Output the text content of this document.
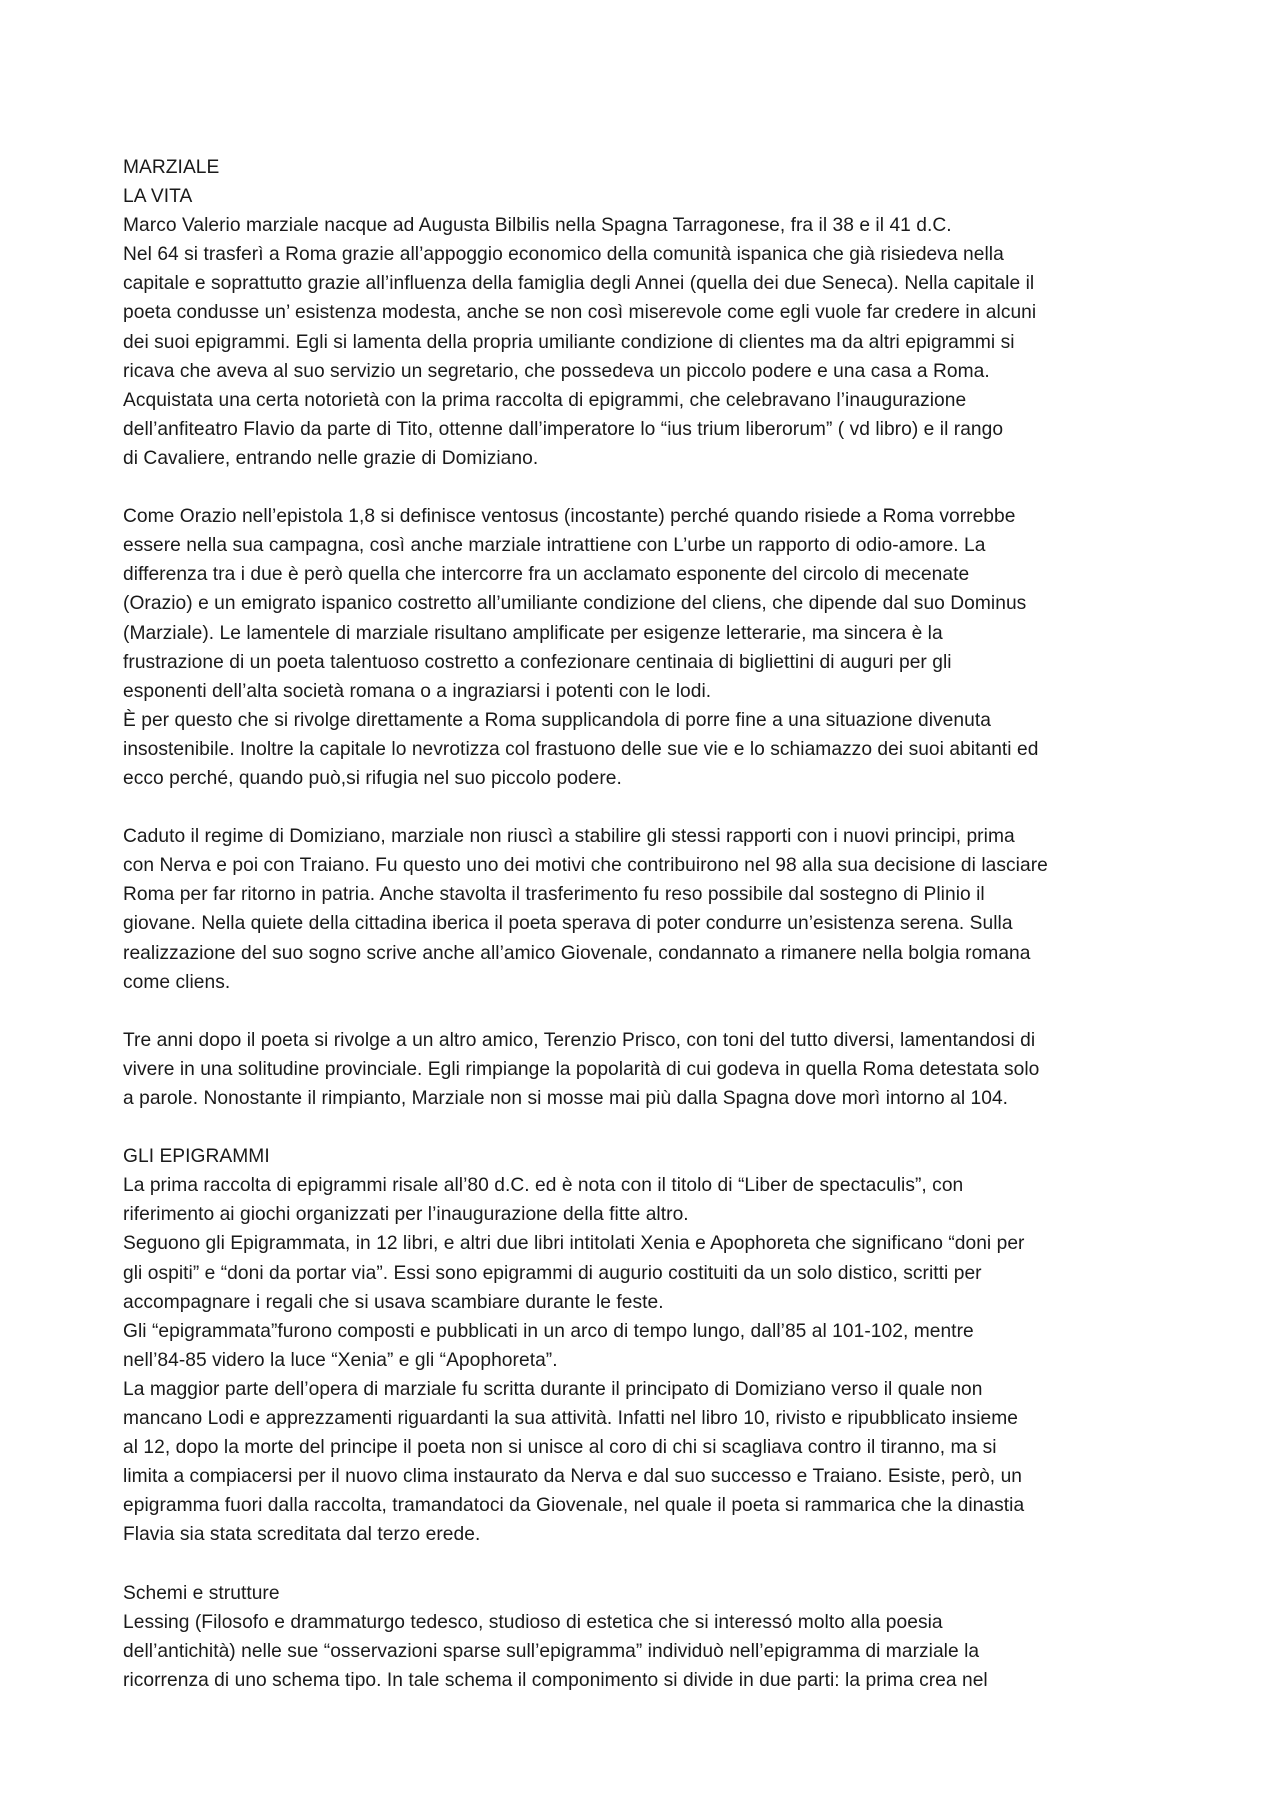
MARZIALE
LA VITA
Marco Valerio marziale nacque ad Augusta Bilbilis nella Spagna Tarragonese, fra il 38 e il 41 d.C.
Nel 64 si trasferì a Roma grazie all’appoggio economico della comunità ispanica che già risiedeva nella
capitale e soprattutto grazie all’influenza della famiglia degli Annei (quella dei due Seneca). Nella capitale il
poeta condusse un’ esistenza modesta, anche se non così miserevole come egli vuole far credere in alcuni
dei suoi epigrammi. Egli si lamenta della propria umiliante condizione di clientes ma da altri epigrammi si
ricava che aveva al suo servizio un segretario, che possedeva un piccolo podere e una casa a Roma.
Acquistata una certa notorietà con la prima raccolta di epigrammi, che celebravano l’inaugurazione
dell’anfiteatro Flavio da parte di Tito, ottenne dall’imperatore lo “ius trium liberorum” ( vd libro) e il rango
di Cavaliere, entrando nelle grazie di Domiziano.
Come Orazio nell’epistola 1,8 si definisce ventosus (incostante) perché quando risiede a Roma vorrebbe
essere nella sua campagna, così anche marziale intrattiene con L’urbe un rapporto di odio-amore. La
differenza tra i due è però quella che intercorre fra un acclamato esponente del circolo di mecenate
(Orazio) e un emigrato ispanico costretto all’umiliante condizione del cliens, che dipende dal suo Dominus
(Marziale). Le lamentele di marziale risultano amplificate per esigenze letterarie, ma sincera è la
frustrazione di un poeta talentuoso costretto a confezionare centinaia di bigliettini di auguri per gli
esponenti dell’alta società romana o a ingraziarsi i potenti con le lodi.
È per questo che si rivolge direttamente a Roma supplicandola di porre fine a una situazione divenuta
insostenibile. Inoltre la capitale lo nevrotizza col frastuono delle sue vie e lo schiamazzo dei suoi abitanti ed
ecco perché, quando può,si rifugia nel suo piccolo podere.
Caduto il regime di Domiziano, marziale non riuscì a stabilire gli stessi rapporti con i nuovi principi, prima
con Nerva e poi con Traiano. Fu questo uno dei motivi che contribuirono nel 98 alla sua decisione di lasciare
Roma per far ritorno in patria. Anche stavolta il trasferimento fu reso possibile dal sostegno di Plinio il
giovane. Nella quiete della cittadina iberica il poeta sperava di poter condurre un’esistenza serena. Sulla
realizzazione del suo sogno scrive anche all’amico Giovenale, condannato a rimanere nella bolgia romana
come cliens.
Tre anni dopo il poeta si rivolge a un altro amico, Terenzio Prisco, con toni del tutto diversi, lamentandosi di
vivere in una solitudine provinciale. Egli rimpiange la popolarità di cui godeva in quella Roma detestata solo
a parole. Nonostante il rimpianto, Marziale non si mosse mai più dalla Spagna dove morì intorno al 104.
GLI EPIGRAMMI
La prima raccolta di epigrammi risale all’80 d.C. ed è nota con il titolo di “Liber de spectaculis”, con
riferimento ai giochi organizzati per l’inaugurazione della fitte altro.
Seguono gli Epigrammata, in 12 libri, e altri due libri intitolati Xenia e Apophoreta che significano “doni per
gli ospiti” e “doni da portar via”. Essi sono epigrammi di augurio costituiti da un solo distico, scritti per
accompagnare i regali che si usava scambiare durante le feste.
Gli “epigrammata”furono composti e pubblicati in un arco di tempo lungo, dall’85 al 101-102, mentre
nell’84-85 videro la luce “Xenia” e gli “Apophoreta”.
La maggior parte dell’opera di marziale fu scritta durante il principato di Domiziano verso il quale non
mancano Lodi e apprezzamenti riguardanti la sua attività. Infatti nel libro 10, rivisto e ripubblicato insieme
al 12, dopo la morte del principe il poeta non si unisce al coro di chi si scagliava contro il tiranno, ma si
limita a compiacersi per il nuovo clima instaurato da Nerva e dal suo successo e Traiano. Esiste, però, un
epigramma fuori dalla raccolta, tramandatoci da Giovenale, nel quale il poeta si rammarica che la dinastia
Flavia sia stata screditata dal terzo erede.
Schemi e strutture
Lessing (Filosofo e drammaturgo tedesco, studioso di estetica che si interessó molto alla poesia
dell’antichità) nelle sue “osservazioni sparse sull’epigramma” individuò nell’epigramma di marziale la
ricorrenza di uno schema tipo. In tale schema il componimento si divide in due parti: la prima crea nel
